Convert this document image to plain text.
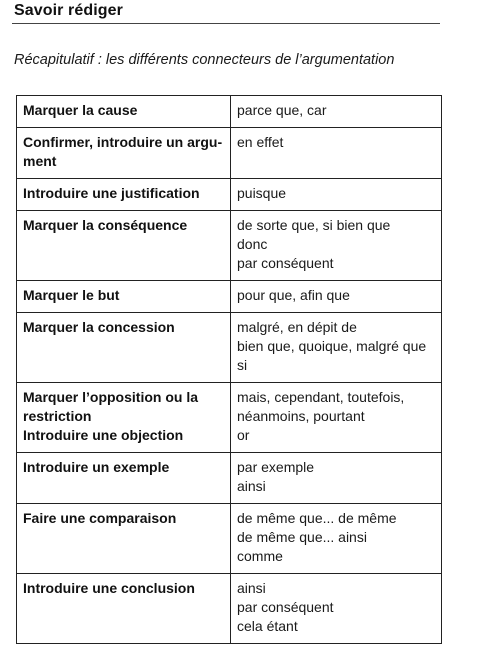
Savoir rédiger
Récapitulatif : les différents connecteurs de l’argumentation
Marquer la cause	parce que, car

Confirmer, introduire un argu-
ment	en effet

Introduire une justification	puisque

Marquer la conséquence	de sorte que, si bien que
donc
par conséquent

Marquer le but	pour que, afin que

Marquer la concession	malgré, en dépit de
bien que, quoique, malgré que
si

Marquer l’opposition ou la
restriction
Introduire une objection	mais, cependant, toutefois,
néanmoins, pourtant
or

Introduire un exemple	par exemple
ainsi

Faire une comparaison	de même que... de même
de même que... ainsi
comme

Introduire une conclusion	ainsi
par conséquent
cela étant
